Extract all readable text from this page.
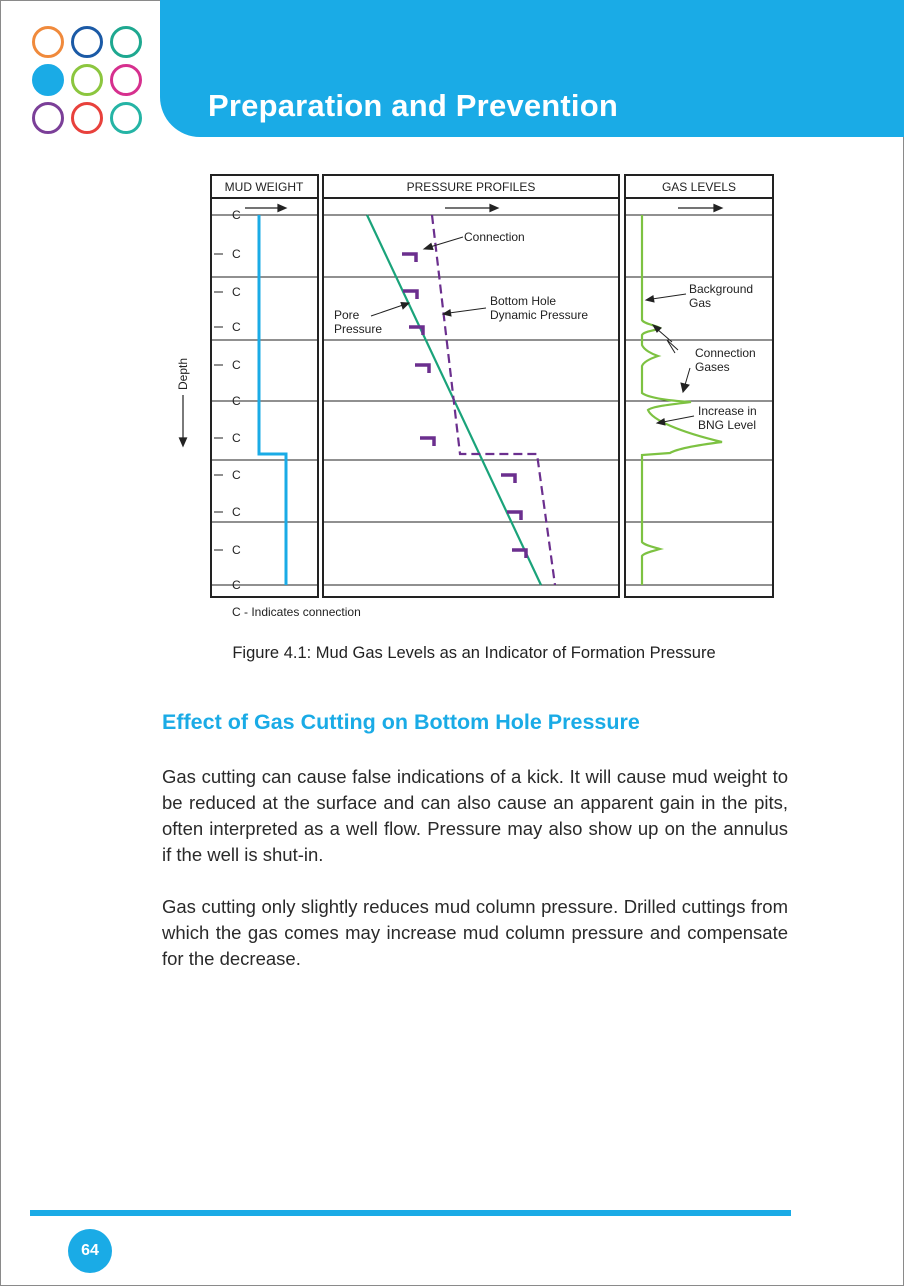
Preparation and Prevention
MUD WEIGHT	PRESSURE PROFILES	GAS LEVELS
C
C
C
C
C
C
C
C
C
C
C
Depth
Connection
Pore
Pressure
Bottom Hole
Dynamic Pressure
Background
Gas
Connection
Gases
Increase in
BNG Level
C - Indicates connection
Figure 4.1: Mud Gas Levels as an Indicator of Formation Pressure
Effect of Gas Cutting on Bottom Hole Pressure
Gas cutting can cause false indications of a kick. It will cause mud weight to be reduced at the surface and can also cause an apparent gain in the pits, often interpreted as a well flow. Pressure may also show up on the annulus if the well is shut-in.
Gas cutting only slightly reduces mud column pressure. Drilled cuttings from which the gas comes may increase mud column pressure and compensate for the decrease.
64
